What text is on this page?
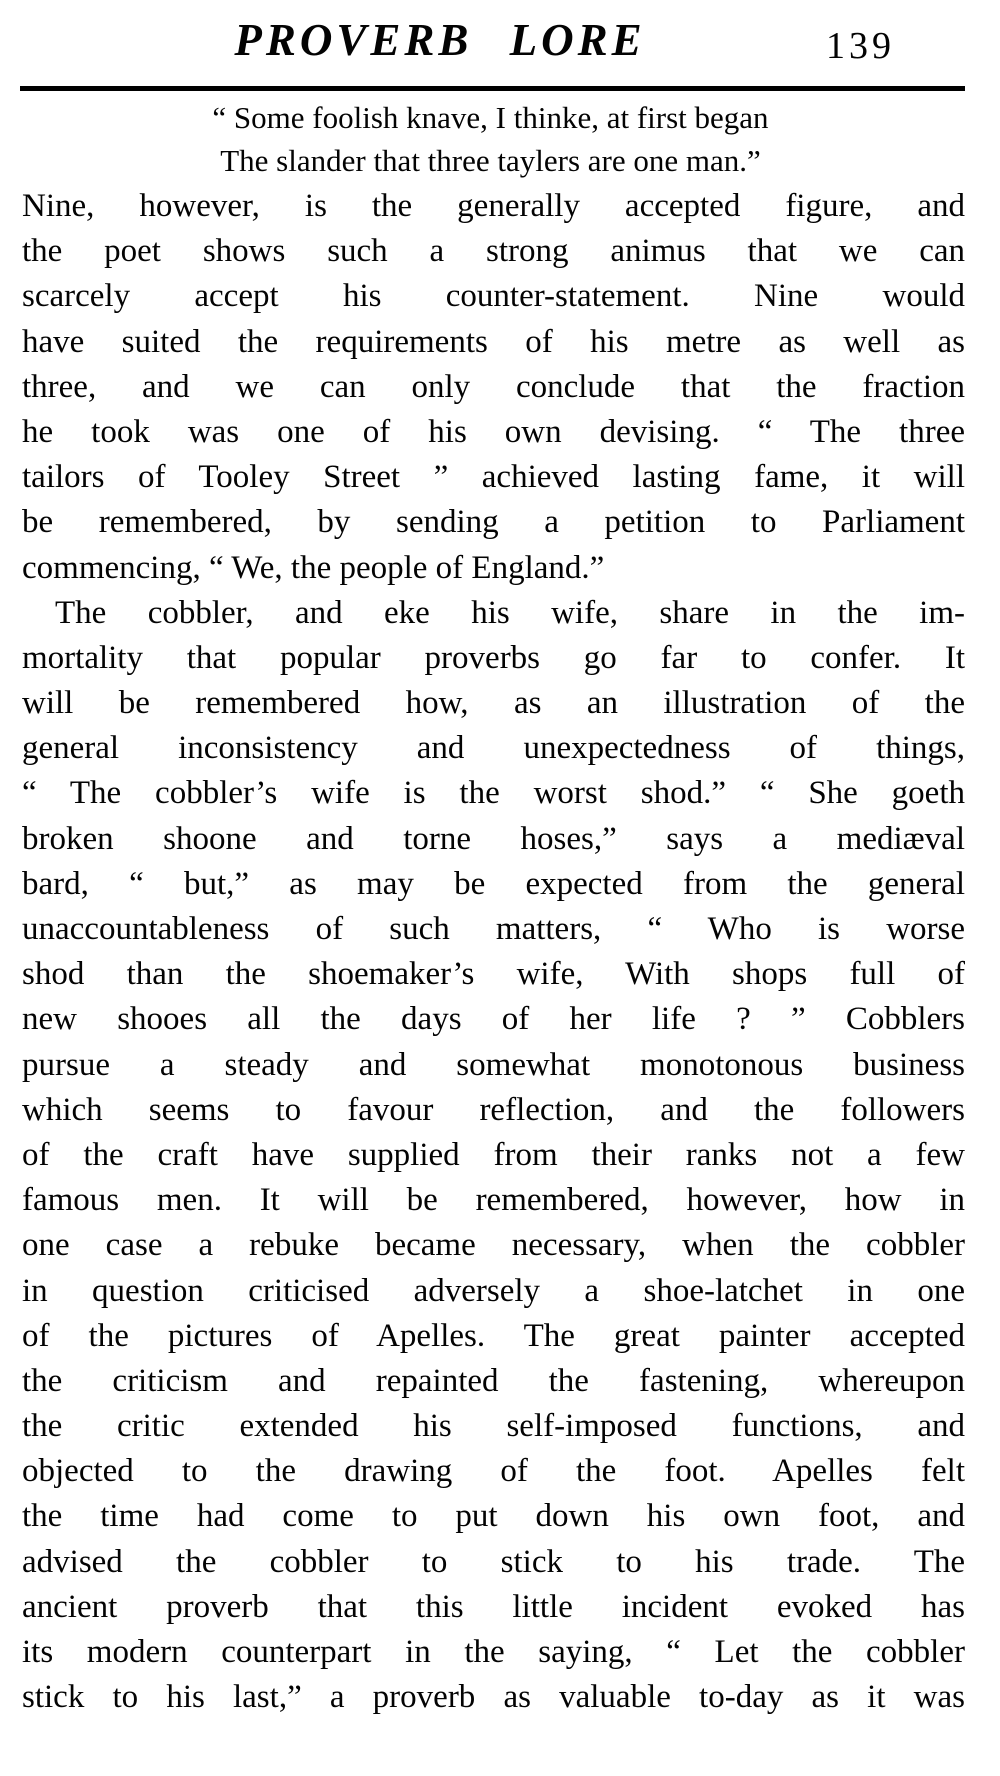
PROVERB LORE	139
“ Some foolish knave, I thinke, at first began
The slander that three taylers are one man.”
Nine, however, is the generally accepted figure, and
the poet shows such a strong animus that we can
scarcely accept his counter-statement. Nine would
have suited the requirements of his metre as well as
three, and we can only conclude that the fraction
he took was one of his own devising. “ The three
tailors of Tooley Street ” achieved lasting fame, it will
be remembered, by sending a petition to Parliament
commencing, “ We, the people of England.”
The cobbler, and eke his wife, share in the im-
mortality that popular proverbs go far to confer. It
will be remembered how, as an illustration of the
general inconsistency and unexpectedness of things,
“ The cobbler’s wife is the worst shod.” “ She goeth
broken shoone and torne hoses,” says a mediæval
bard, “ but,” as may be expected from the general
unaccountableness of such matters, “ Who is worse
shod than the shoemaker’s wife, With shops full of
new shooes all the days of her life ? ” Cobblers
pursue a steady and somewhat monotonous business
which seems to favour reflection, and the followers
of the craft have supplied from their ranks not a few
famous men. It will be remembered, however, how in
one case a rebuke became necessary, when the cobbler
in question criticised adversely a shoe-latchet in one
of the pictures of Apelles. The great painter accepted
the criticism and repainted the fastening, whereupon
the critic extended his self-imposed functions, and
objected to the drawing of the foot. Apelles felt
the time had come to put down his own foot, and
advised the cobbler to stick to his trade. The
ancient proverb that this little incident evoked has
its modern counterpart in the saying, “ Let the cobbler
stick to his last,” a proverb as valuable to-day as it was
